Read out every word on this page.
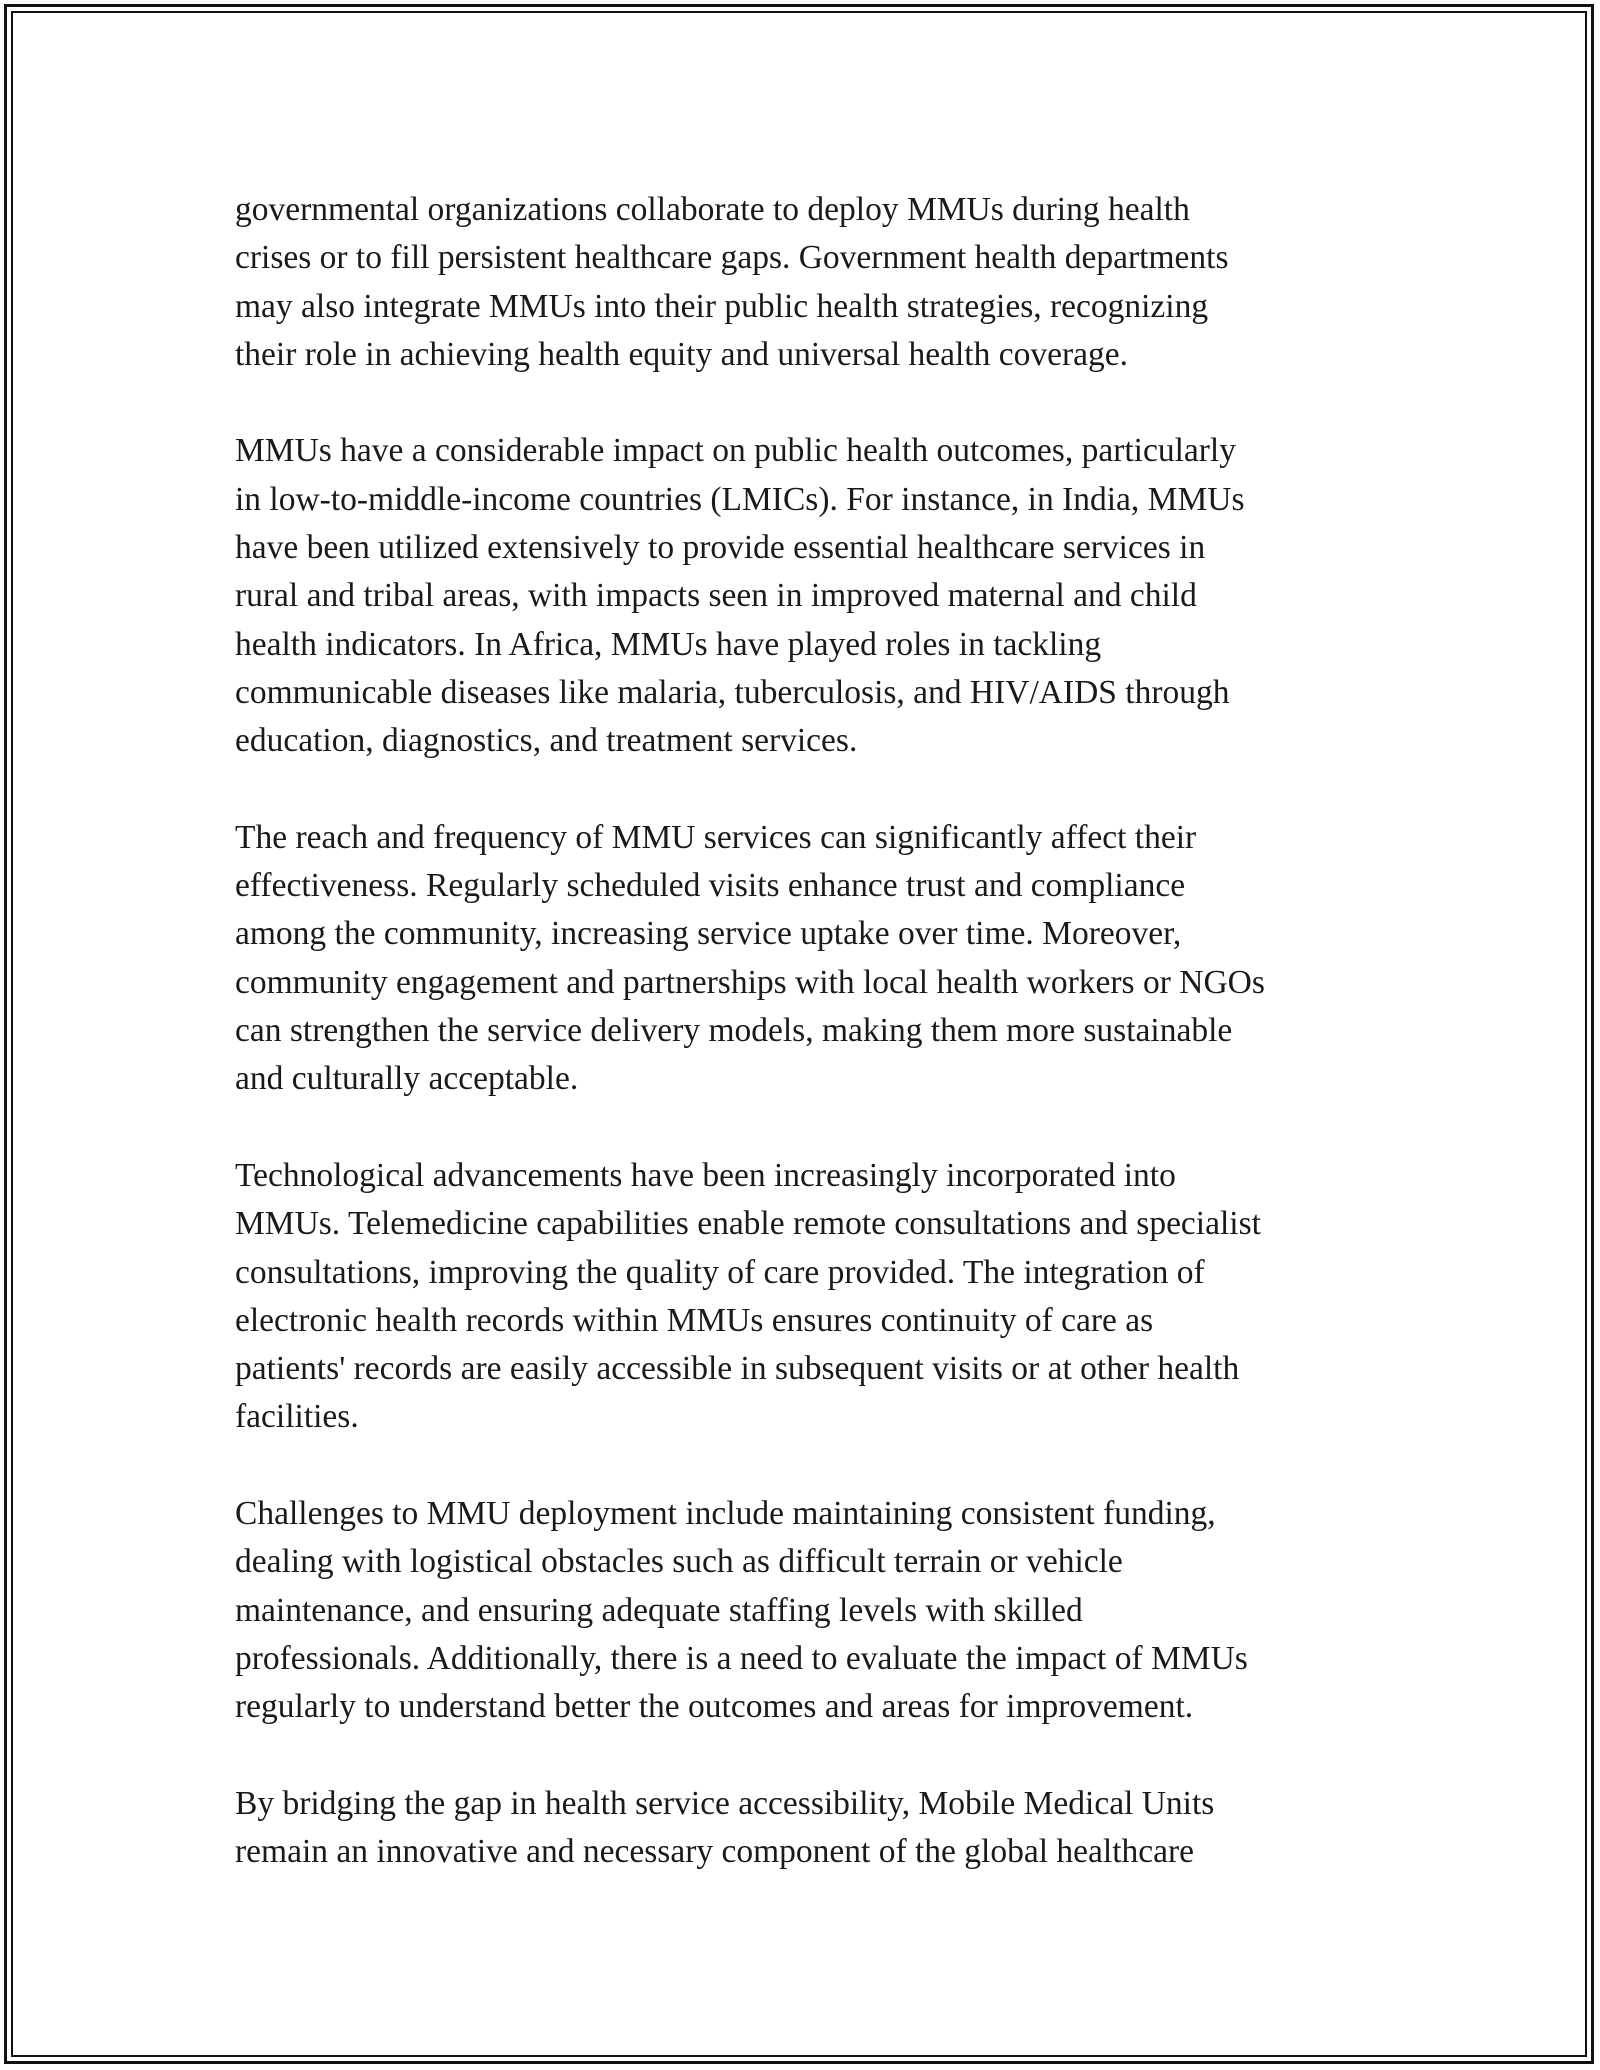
governmental organizations collaborate to deploy MMUs during health
crises or to fill persistent healthcare gaps. Government health departments
may also integrate MMUs into their public health strategies, recognizing
their role in achieving health equity and universal health coverage.

MMUs have a considerable impact on public health outcomes, particularly
in low-to-middle-income countries (LMICs). For instance, in India, MMUs
have been utilized extensively to provide essential healthcare services in
rural and tribal areas, with impacts seen in improved maternal and child
health indicators. In Africa, MMUs have played roles in tackling
communicable diseases like malaria, tuberculosis, and HIV/AIDS through
education, diagnostics, and treatment services.

The reach and frequency of MMU services can significantly affect their
effectiveness. Regularly scheduled visits enhance trust and compliance
among the community, increasing service uptake over time. Moreover,
community engagement and partnerships with local health workers or NGOs
can strengthen the service delivery models, making them more sustainable
and culturally acceptable.

Technological advancements have been increasingly incorporated into
MMUs. Telemedicine capabilities enable remote consultations and specialist
consultations, improving the quality of care provided. The integration of
electronic health records within MMUs ensures continuity of care as
patients' records are easily accessible in subsequent visits or at other health
facilities.

Challenges to MMU deployment include maintaining consistent funding,
dealing with logistical obstacles such as difficult terrain or vehicle
maintenance, and ensuring adequate staffing levels with skilled
professionals. Additionally, there is a need to evaluate the impact of MMUs
regularly to understand better the outcomes and areas for improvement.

By bridging the gap in health service accessibility, Mobile Medical Units
remain an innovative and necessary component of the global healthcare
